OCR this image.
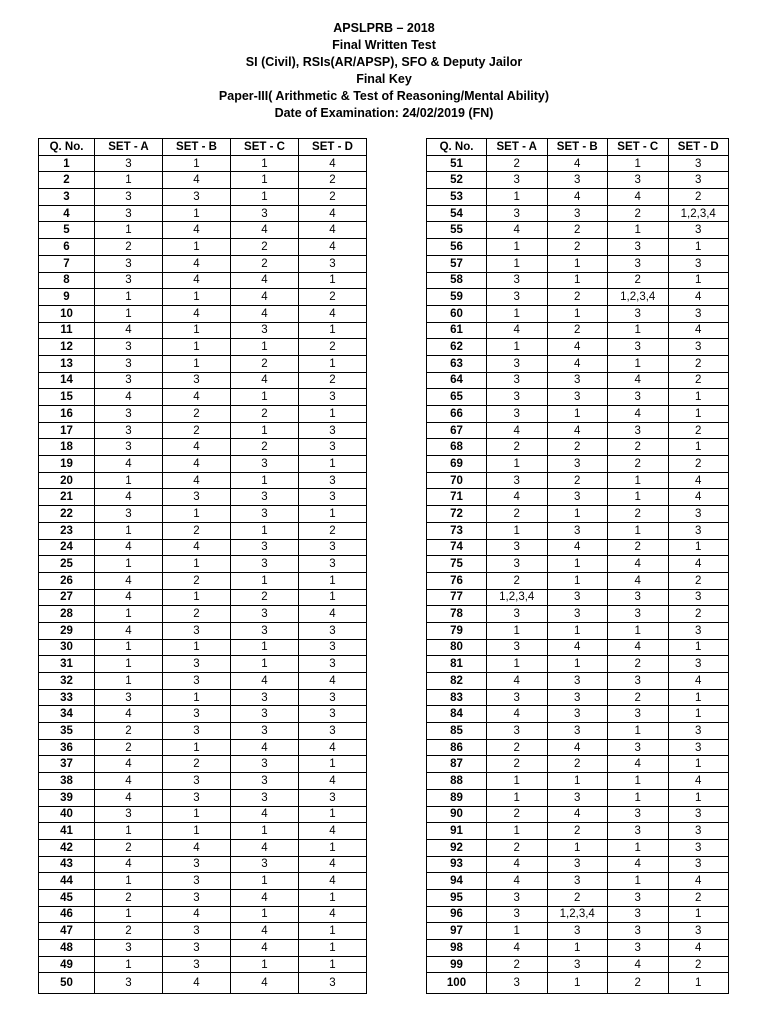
APSLPRB – 2018
Final Written Test
SI (Civil), RSIs(AR/APSP), SFO & Deputy Jailor
Final Key
Paper-III( Arithmetic & Test of Reasoning/Mental Ability)
Date of Examination: 24/02/2019 (FN)
Q. No.	SET - A	SET - B	SET - C	SET - D
1	3	1	1	4
2	1	4	1	2
3	3	3	1	2
4	3	1	3	4
5	1	4	4	4
6	2	1	2	4
7	3	4	2	3
8	3	4	4	1
9	1	1	4	2
10	1	4	4	4
11	4	1	3	1
12	3	1	1	2
13	3	1	2	1
14	3	3	4	2
15	4	4	1	3
16	3	2	2	1
17	3	2	1	3
18	3	4	2	3
19	4	4	3	1
20	1	4	1	3
21	4	3	3	3
22	3	1	3	1
23	1	2	1	2
24	4	4	3	3
25	1	1	3	3
26	4	2	1	1
27	4	1	2	1
28	1	2	3	4
29	4	3	3	3
30	1	1	1	3
31	1	3	1	3
32	1	3	4	4
33	3	1	3	3
34	4	3	3	3
35	2	3	3	3
36	2	1	4	4
37	4	2	3	1
38	4	3	3	4
39	4	3	3	3
40	3	1	4	1
41	1	1	1	4
42	2	4	4	1
43	4	3	3	4
44	1	3	1	4
45	2	3	4	1
46	1	4	1	4
47	2	3	4	1
48	3	3	4	1
49	1	3	1	1
50	3	4	4	3
Q. No.	SET - A	SET - B	SET - C	SET - D
51	2	4	1	3
52	3	3	3	3
53	1	4	4	2
54	3	3	2	1,2,3,4
55	4	2	1	3
56	1	2	3	1
57	1	1	3	3
58	3	1	2	1
59	3	2	1,2,3,4	4
60	1	1	3	3
61	4	2	1	4
62	1	4	3	3
63	3	4	1	2
64	3	3	4	2
65	3	3	3	1
66	3	1	4	1
67	4	4	3	2
68	2	2	2	1
69	1	3	2	2
70	3	2	1	4
71	4	3	1	4
72	2	1	2	3
73	1	3	1	3
74	3	4	2	1
75	3	1	4	4
76	2	1	4	2
77	1,2,3,4	3	3	3
78	3	3	3	2
79	1	1	1	3
80	3	4	4	1
81	1	1	2	3
82	4	3	3	4
83	3	3	2	1
84	4	3	3	1
85	3	3	1	3
86	2	4	3	3
87	2	2	4	1
88	1	1	1	4
89	1	3	1	1
90	2	4	3	3
91	1	2	3	3
92	2	1	1	3
93	4	3	4	3
94	4	3	1	4
95	3	2	3	2
96	3	1,2,3,4	3	1
97	1	3	3	3
98	4	1	3	4
99	2	3	4	2
100	3	1	2	1
